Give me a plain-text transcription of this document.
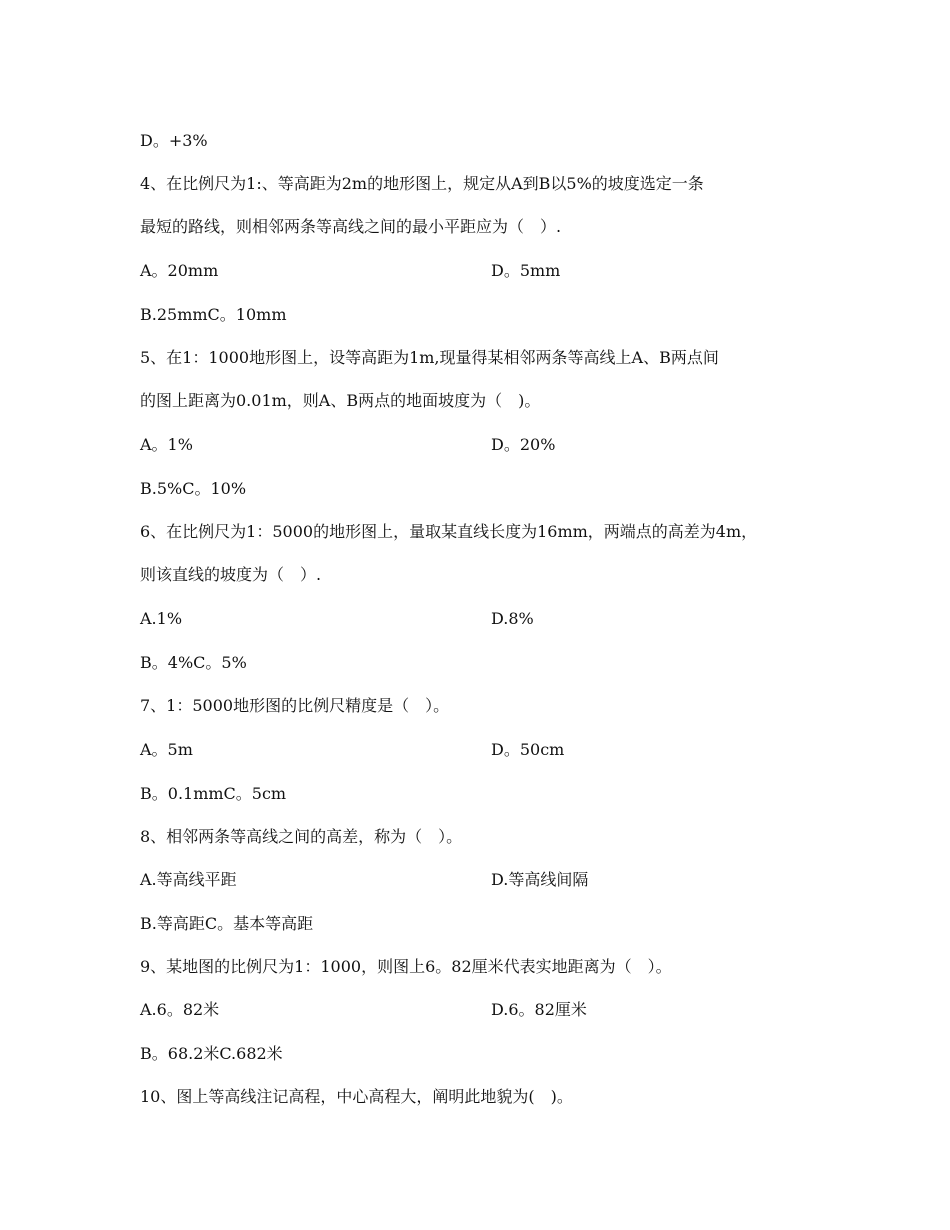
D。+3%
4、在比例尺为1:、等高距为2m的地形图上，规定从A到B以5%的坡度选定一条
最短的路线，则相邻两条等高线之间的最小平距应为（　）.
A。20mm	D。5mm
B.25mmC。10mm
5、在1：1000地形图上，设等高距为1m,现量得某相邻两条等高线上A、B两点间
的图上距离为0.01m，则A、B两点的地面坡度为（　)。
A。1%	D。20%
B.5%C。10%
6、在比例尺为1：5000的地形图上，量取某直线长度为16mm，两端点的高差为4m，
则该直线的坡度为（　）.
A.1%	D.8%
B。4%C。5%
7、1：5000地形图的比例尺精度是（　）。
A。5m	D。50cm
B。0.1mmC。5cm
8、相邻两条等高线之间的高差，称为（　）。
A.等高线平距	D.等高线间隔
B.等高距C。基本等高距
9、某地图的比例尺为1：1000，则图上6。82厘米代表实地距离为（　）。
A.6。82米	D.6。82厘米
B。68.2米C.682米
10、图上等高线注记高程，中心高程大，阐明此地貌为(　)。
